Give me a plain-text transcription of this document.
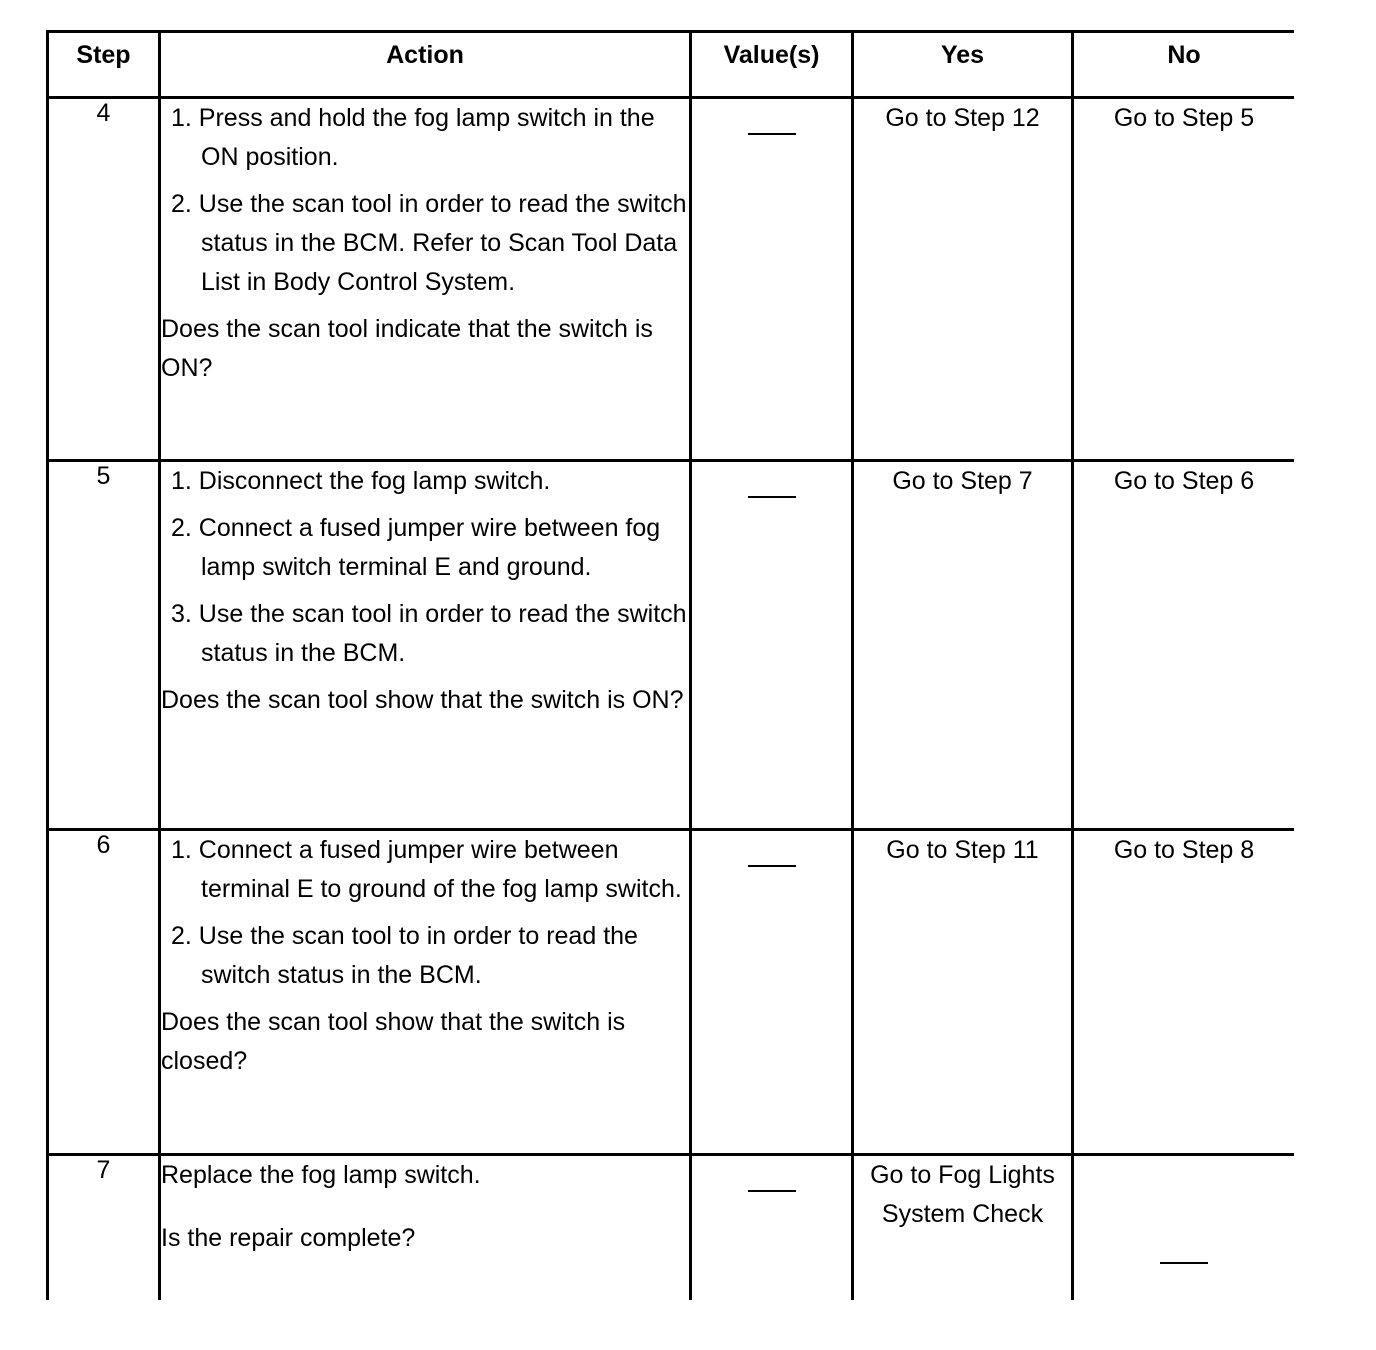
Step	Action	Value(s)	Yes	No
4	1. Press and hold the fog lamp switch in the ON position.

2. Use the scan tool in order to read the switch status in the BCM. Refer to Scan Tool Data List in Body Control System.

Does the scan tool indicate that the switch is ON?		Go to Step 12	Go to Step 5
5	1. Disconnect the fog lamp switch.

2. Connect a fused jumper wire between fog lamp switch terminal E and ground.

3. Use the scan tool in order to read the switch status in the BCM.

Does the scan tool show that the switch is ON?		Go to Step 7	Go to Step 6
6	1. Connect a fused jumper wire between terminal E to ground of the fog lamp switch.

2. Use the scan tool to in order to read the switch status in the BCM.

Does the scan tool show that the switch is closed?		Go to Step 11	Go to Step 8
7	Replace the fog lamp switch.

Is the repair complete?		Go to Fog Lights System Check	
